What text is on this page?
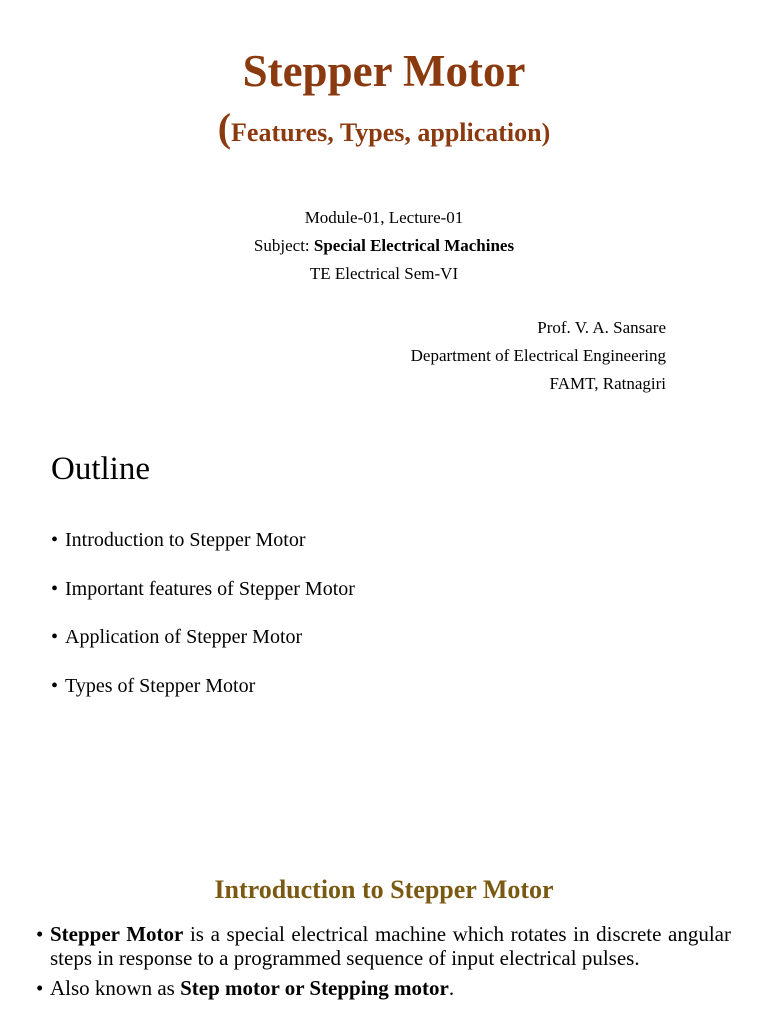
Stepper Motor
(Features, Types, application)
Module-01, Lecture-01
Subject: Special Electrical Machines
TE Electrical Sem-VI
Prof. V. A. Sansare
Department of Electrical Engineering
FAMT, Ratnagiri
Outline
• Introduction to Stepper Motor
• Important features of Stepper Motor
• Application of Stepper Motor
• Types of Stepper Motor
Introduction to Stepper Motor
• Stepper Motor is a special electrical machine which rotates in discrete angular steps in response to a programmed sequence of input electrical pulses.
• Also known as Step motor or Stepping motor.
